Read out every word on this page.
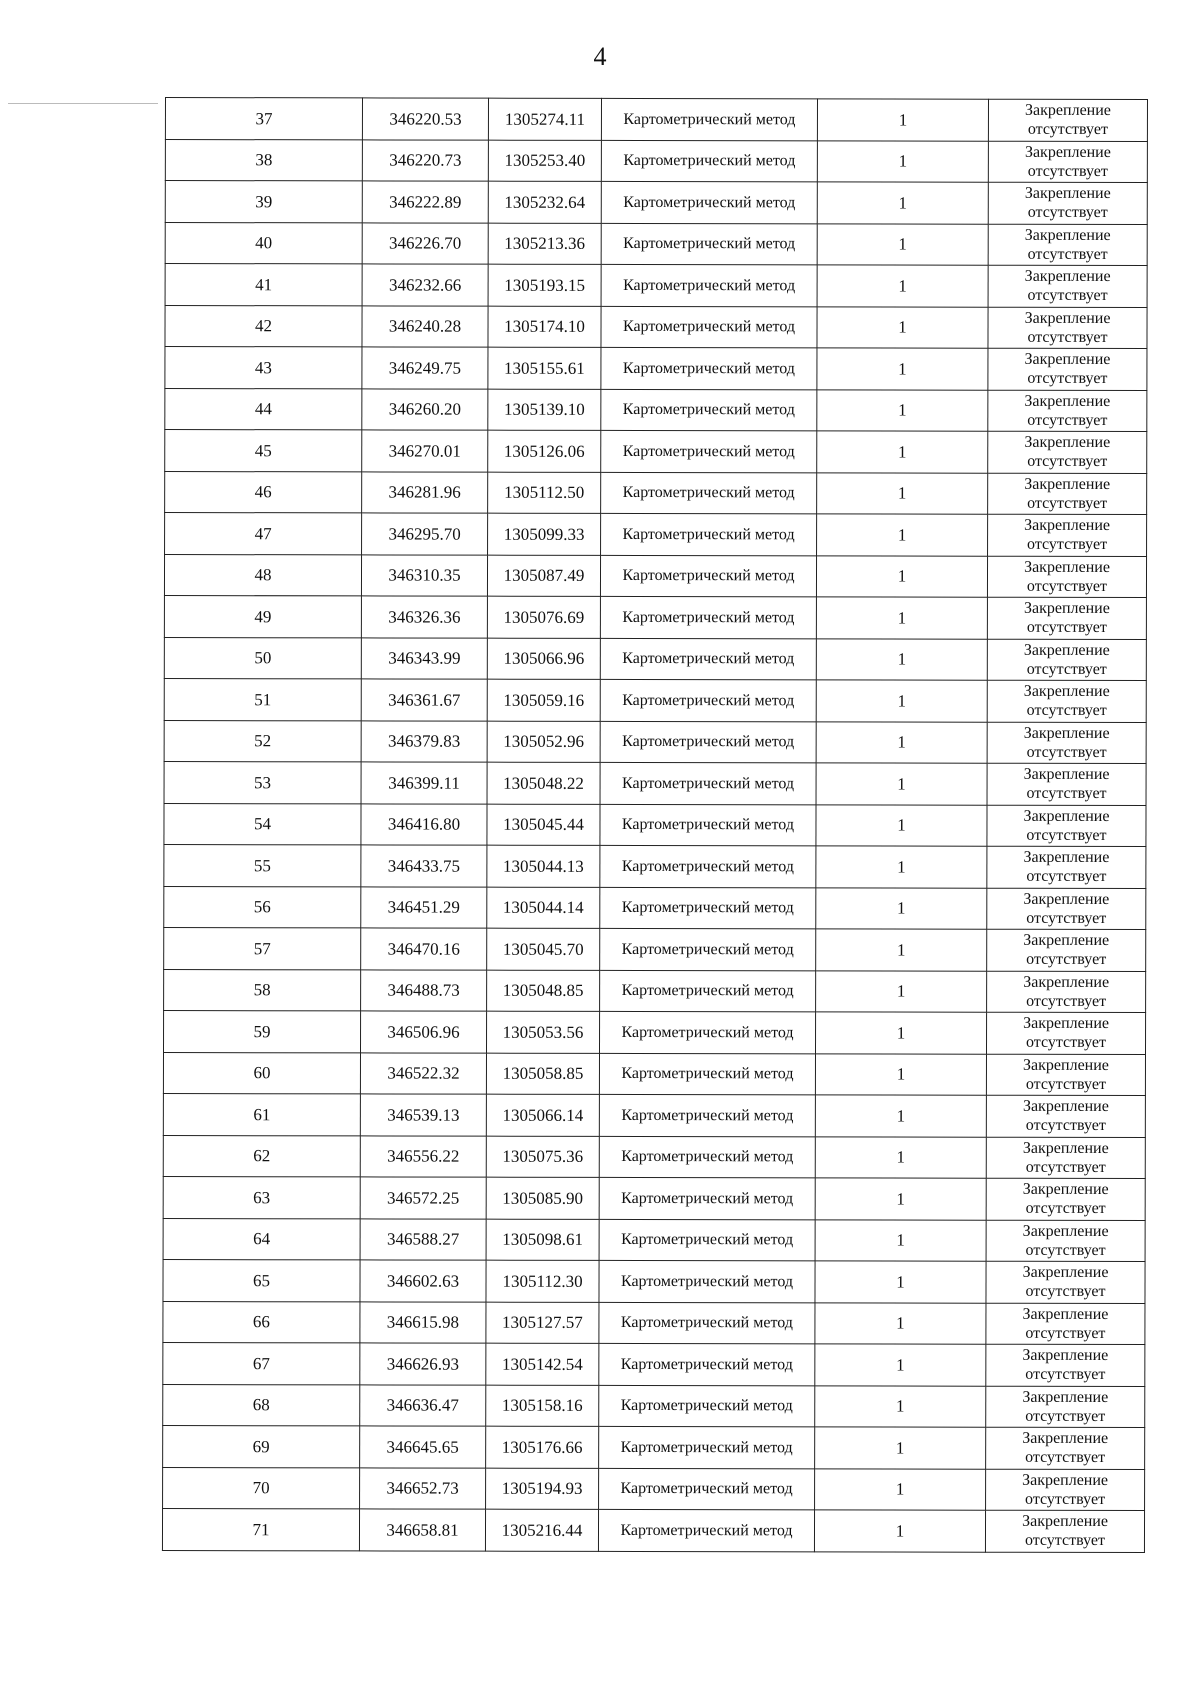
4
37	346220.53	1305274.11	Картометрический метод	1	Закрепление
отсутствует

38	346220.73	1305253.40	Картометрический метод	1	Закрепление
отсутствует

39	346222.89	1305232.64	Картометрический метод	1	Закрепление
отсутствует

40	346226.70	1305213.36	Картометрический метод	1	Закрепление
отсутствует

41	346232.66	1305193.15	Картометрический метод	1	Закрепление
отсутствует

42	346240.28	1305174.10	Картометрический метод	1	Закрепление
отсутствует

43	346249.75	1305155.61	Картометрический метод	1	Закрепление
отсутствует

44	346260.20	1305139.10	Картометрический метод	1	Закрепление
отсутствует

45	346270.01	1305126.06	Картометрический метод	1	Закрепление
отсутствует

46	346281.96	1305112.50	Картометрический метод	1	Закрепление
отсутствует

47	346295.70	1305099.33	Картометрический метод	1	Закрепление
отсутствует

48	346310.35	1305087.49	Картометрический метод	1	Закрепление
отсутствует

49	346326.36	1305076.69	Картометрический метод	1	Закрепление
отсутствует

50	346343.99	1305066.96	Картометрический метод	1	Закрепление
отсутствует

51	346361.67	1305059.16	Картометрический метод	1	Закрепление
отсутствует

52	346379.83	1305052.96	Картометрический метод	1	Закрепление
отсутствует

53	346399.11	1305048.22	Картометрический метод	1	Закрепление
отсутствует

54	346416.80	1305045.44	Картометрический метод	1	Закрепление
отсутствует

55	346433.75	1305044.13	Картометрический метод	1	Закрепление
отсутствует

56	346451.29	1305044.14	Картометрический метод	1	Закрепление
отсутствует

57	346470.16	1305045.70	Картометрический метод	1	Закрепление
отсутствует

58	346488.73	1305048.85	Картометрический метод	1	Закрепление
отсутствует

59	346506.96	1305053.56	Картометрический метод	1	Закрепление
отсутствует

60	346522.32	1305058.85	Картометрический метод	1	Закрепление
отсутствует

61	346539.13	1305066.14	Картометрический метод	1	Закрепление
отсутствует

62	346556.22	1305075.36	Картометрический метод	1	Закрепление
отсутствует

63	346572.25	1305085.90	Картометрический метод	1	Закрепление
отсутствует

64	346588.27	1305098.61	Картометрический метод	1	Закрепление
отсутствует

65	346602.63	1305112.30	Картометрический метод	1	Закрепление
отсутствует

66	346615.98	1305127.57	Картометрический метод	1	Закрепление
отсутствует

67	346626.93	1305142.54	Картометрический метод	1	Закрепление
отсутствует

68	346636.47	1305158.16	Картометрический метод	1	Закрепление
отсутствует

69	346645.65	1305176.66	Картометрический метод	1	Закрепление
отсутствует

70	346652.73	1305194.93	Картометрический метод	1	Закрепление
отсутствует

71	346658.81	1305216.44	Картометрический метод	1	Закрепление
отсутствует
